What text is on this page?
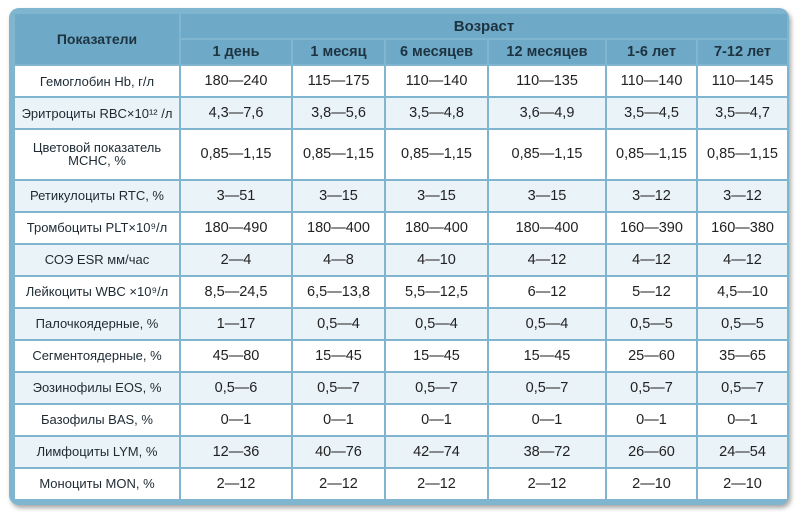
Показатели	Возраст					
	1 день	1 месяц	6 месяцев	12 месяцев	1-6 лет	7-12 лет
Гемоглобин Hb, г/л	180—240	115—175	110—140	110—135	110—140	110—145
Эритроциты RBC×10¹² /л	4,3—7,6	3,8—5,6	3,5—4,8	3,6—4,9	3,5—4,5	3,5—4,7
Цветовой показатель MCHC, %	0,85—1,15	0,85—1,15	0,85—1,15	0,85—1,15	0,85—1,15	0,85—1,15
Ретикулоциты RTC, %	3—51	3—15	3—15	3—15	3—12	3—12
Тромбоциты PLT×10⁹/л	180—490	180—400	180—400	180—400	160—390	160—380
СОЭ ESR мм/час	2—4	4—8	4—10	4—12	4—12	4—12
Лейкоциты WBC ×10⁹/л	8,5—24,5	6,5—13,8	5,5—12,5	6—12	5—12	4,5—10
Палочкоядерные, %	1—17	0,5—4	0,5—4	0,5—4	0,5—5	0,5—5
Сегментоядерные, %	45—80	15—45	15—45	15—45	25—60	35—65
Эозинофилы EOS, %	0,5—6	0,5—7	0,5—7	0,5—7	0,5—7	0,5—7
Базофилы BAS, %	0—1	0—1	0—1	0—1	0—1	0—1
Лимфоциты LYM, %	12—36	40—76	42—74	38—72	26—60	24—54
Моноциты MON, %	2—12	2—12	2—12	2—12	2—10	2—10
